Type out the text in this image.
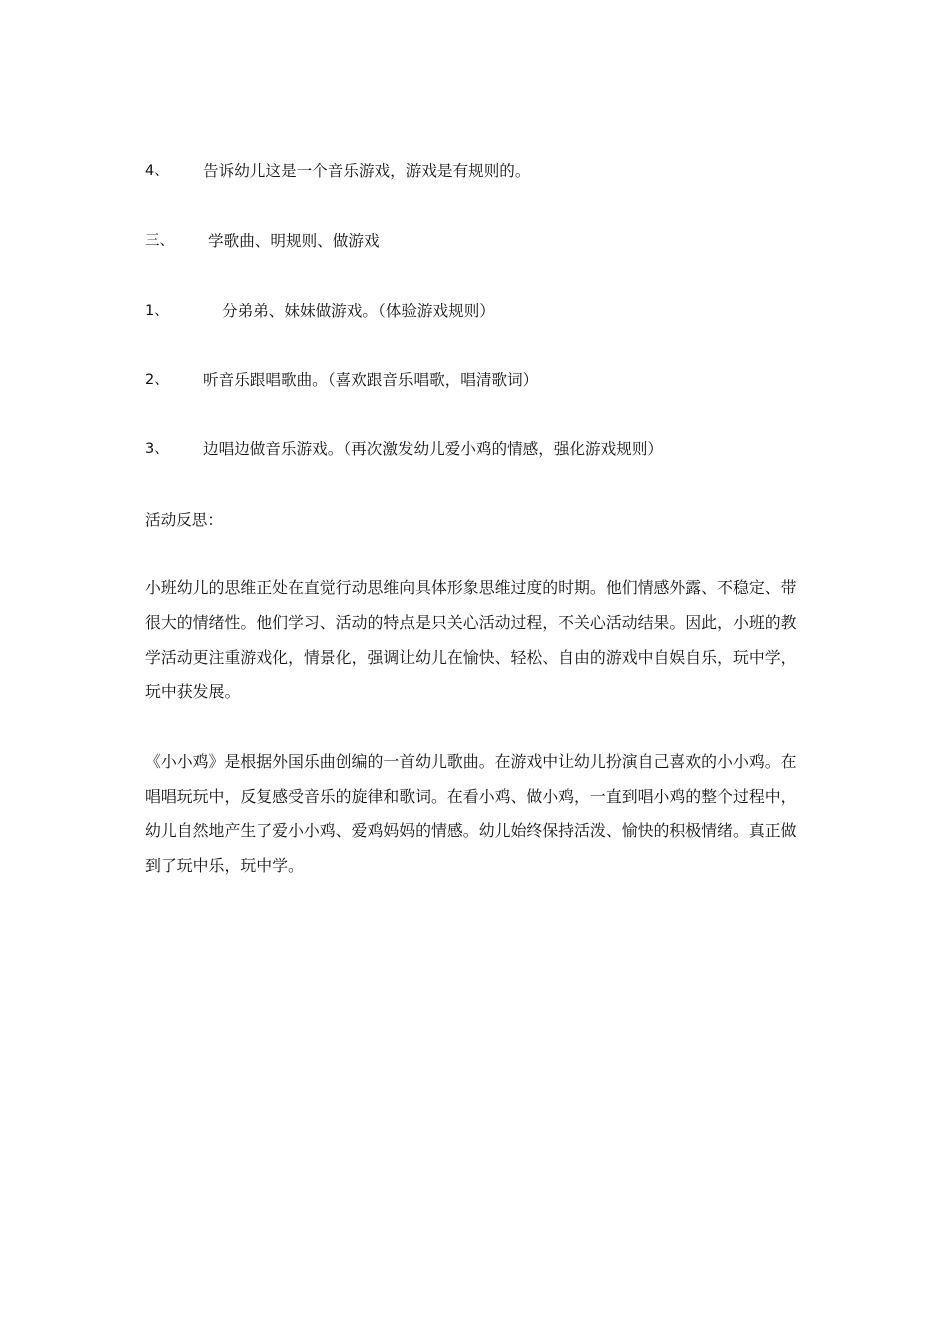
4、 告诉幼儿这是一个音乐游戏，游戏是有规则的。
三、 学歌曲、明规则、做游戏
1、	分弟弟、妹妹做游戏。（体验游戏规则）
2、 听音乐跟唱歌曲。（喜欢跟音乐唱歌，唱清歌词）
3、 边唱边做音乐游戏。（再次激发幼儿爱小鸡的情感，强化游戏规则）
活动反思：
小班幼儿的思维正处在直觉行动思维向具体形象思维过度的时期。他们情感外露、不稳定、带
很大的情绪性。他们学习、活动的特点是只关心活动过程，不关心活动结果。因此，小班的教
学活动更注重游戏化，情景化，强调让幼儿在愉快、轻松、自由的游戏中自娱自乐，玩中学，
玩中获发展。
《小小鸡》是根据外国乐曲创编的一首幼儿歌曲。在游戏中让幼儿扮演自己喜欢的小小鸡。在
唱唱玩玩中，反复感受音乐的旋律和歌词。在看小鸡、做小鸡，一直到唱小鸡的整个过程中，
幼儿自然地产生了爱小小鸡、爱鸡妈妈的情感。幼儿始终保持活泼、愉快的积极情绪。真正做
到了玩中乐，玩中学。
